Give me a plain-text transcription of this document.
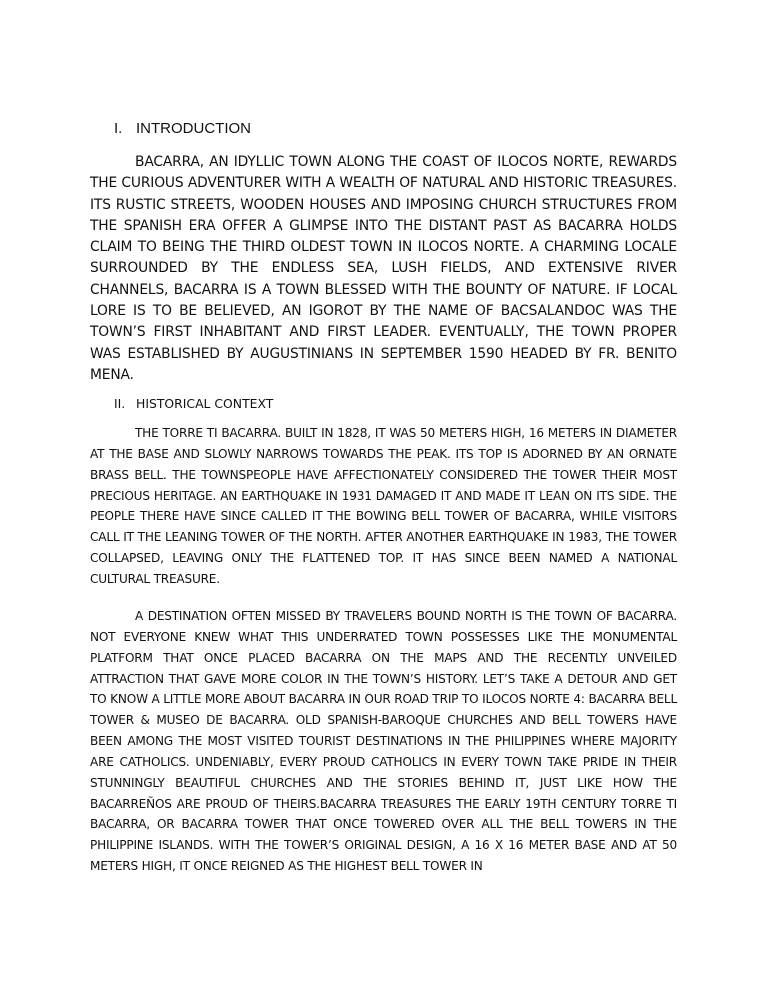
I. INTRODUCTION

BACARRA, AN IDYLLIC TOWN ALONG THE COAST OF ILOCOS NORTE, REWARDS THE CURIOUS ADVENTURER WITH A WEALTH OF NATURAL AND HISTORIC TREASURES. ITS RUSTIC STREETS, WOODEN HOUSES AND IMPOSING CHURCH STRUCTURES FROM THE SPANISH ERA OFFER A GLIMPSE INTO THE DISTANT PAST AS BACARRA HOLDS CLAIM TO BEING THE THIRD OLDEST TOWN IN ILOCOS NORTE. A CHARMING LOCALE SURROUNDED BY THE ENDLESS SEA, LUSH FIELDS, AND EXTENSIVE RIVER CHANNELS, BACARRA IS A TOWN BLESSED WITH THE BOUNTY OF NATURE. IF LOCAL LORE IS TO BE BELIEVED, AN IGOROT BY THE NAME OF BACSALANDOC WAS THE TOWN’S FIRST INHABITANT AND FIRST LEADER. EVENTUALLY, THE TOWN PROPER WAS ESTABLISHED BY AUGUSTINIANS IN SEPTEMBER 1590 HEADED BY FR. BENITO MENA.

II. HISTORICAL CONTEXT

THE TORRE TI BACARRA. BUILT IN 1828, IT WAS 50 METERS HIGH, 16 METERS IN DIAMETER AT THE BASE AND SLOWLY NARROWS TOWARDS THE PEAK. ITS TOP IS ADORNED BY AN ORNATE BRASS BELL. THE TOWNSPEOPLE HAVE AFFECTIONATELY CONSIDERED THE TOWER THEIR MOST PRECIOUS HERITAGE. AN EARTHQUAKE IN 1931 DAMAGED IT AND MADE IT LEAN ON ITS SIDE. THE PEOPLE THERE HAVE SINCE CALLED IT THE BOWING BELL TOWER OF BACARRA, WHILE VISITORS CALL IT THE LEANING TOWER OF THE NORTH. AFTER ANOTHER EARTHQUAKE IN 1983, THE TOWER COLLAPSED, LEAVING ONLY THE FLATTENED TOP. IT HAS SINCE BEEN NAMED A NATIONAL CULTURAL TREASURE.

A DESTINATION OFTEN MISSED BY TRAVELERS BOUND NORTH IS THE TOWN OF BACARRA. NOT EVERYONE KNEW WHAT THIS UNDERRATED TOWN POSSESSES LIKE THE MONUMENTAL PLATFORM THAT ONCE PLACED BACARRA ON THE MAPS AND THE RECENTLY UNVEILED ATTRACTION THAT GAVE MORE COLOR IN THE TOWN’S HISTORY. LET’S TAKE A DETOUR AND GET TO KNOW A LITTLE MORE ABOUT BACARRA IN OUR ROAD TRIP TO ILOCOS NORTE 4: BACARRA BELL TOWER & MUSEO DE BACARRA. OLD SPANISH-BAROQUE CHURCHES AND BELL TOWERS HAVE BEEN AMONG THE MOST VISITED TOURIST DESTINATIONS IN THE PHILIPPINES WHERE MAJORITY ARE CATHOLICS. UNDENIABLY, EVERY PROUD CATHOLICS IN EVERY TOWN TAKE PRIDE IN THEIR STUNNINGLY BEAUTIFUL CHURCHES AND THE STORIES BEHIND IT, JUST LIKE HOW THE BACARREÑOS ARE PROUD OF THEIRS.BACARRA TREASURES THE EARLY 19TH CENTURY TORRE TI BACARRA, OR BACARRA TOWER THAT ONCE TOWERED OVER ALL THE BELL TOWERS IN THE PHILIPPINE ISLANDS. WITH THE TOWER’S ORIGINAL DESIGN, A 16 X 16 METER BASE AND AT 50 METERS HIGH, IT ONCE REIGNED AS THE HIGHEST BELL TOWER IN
